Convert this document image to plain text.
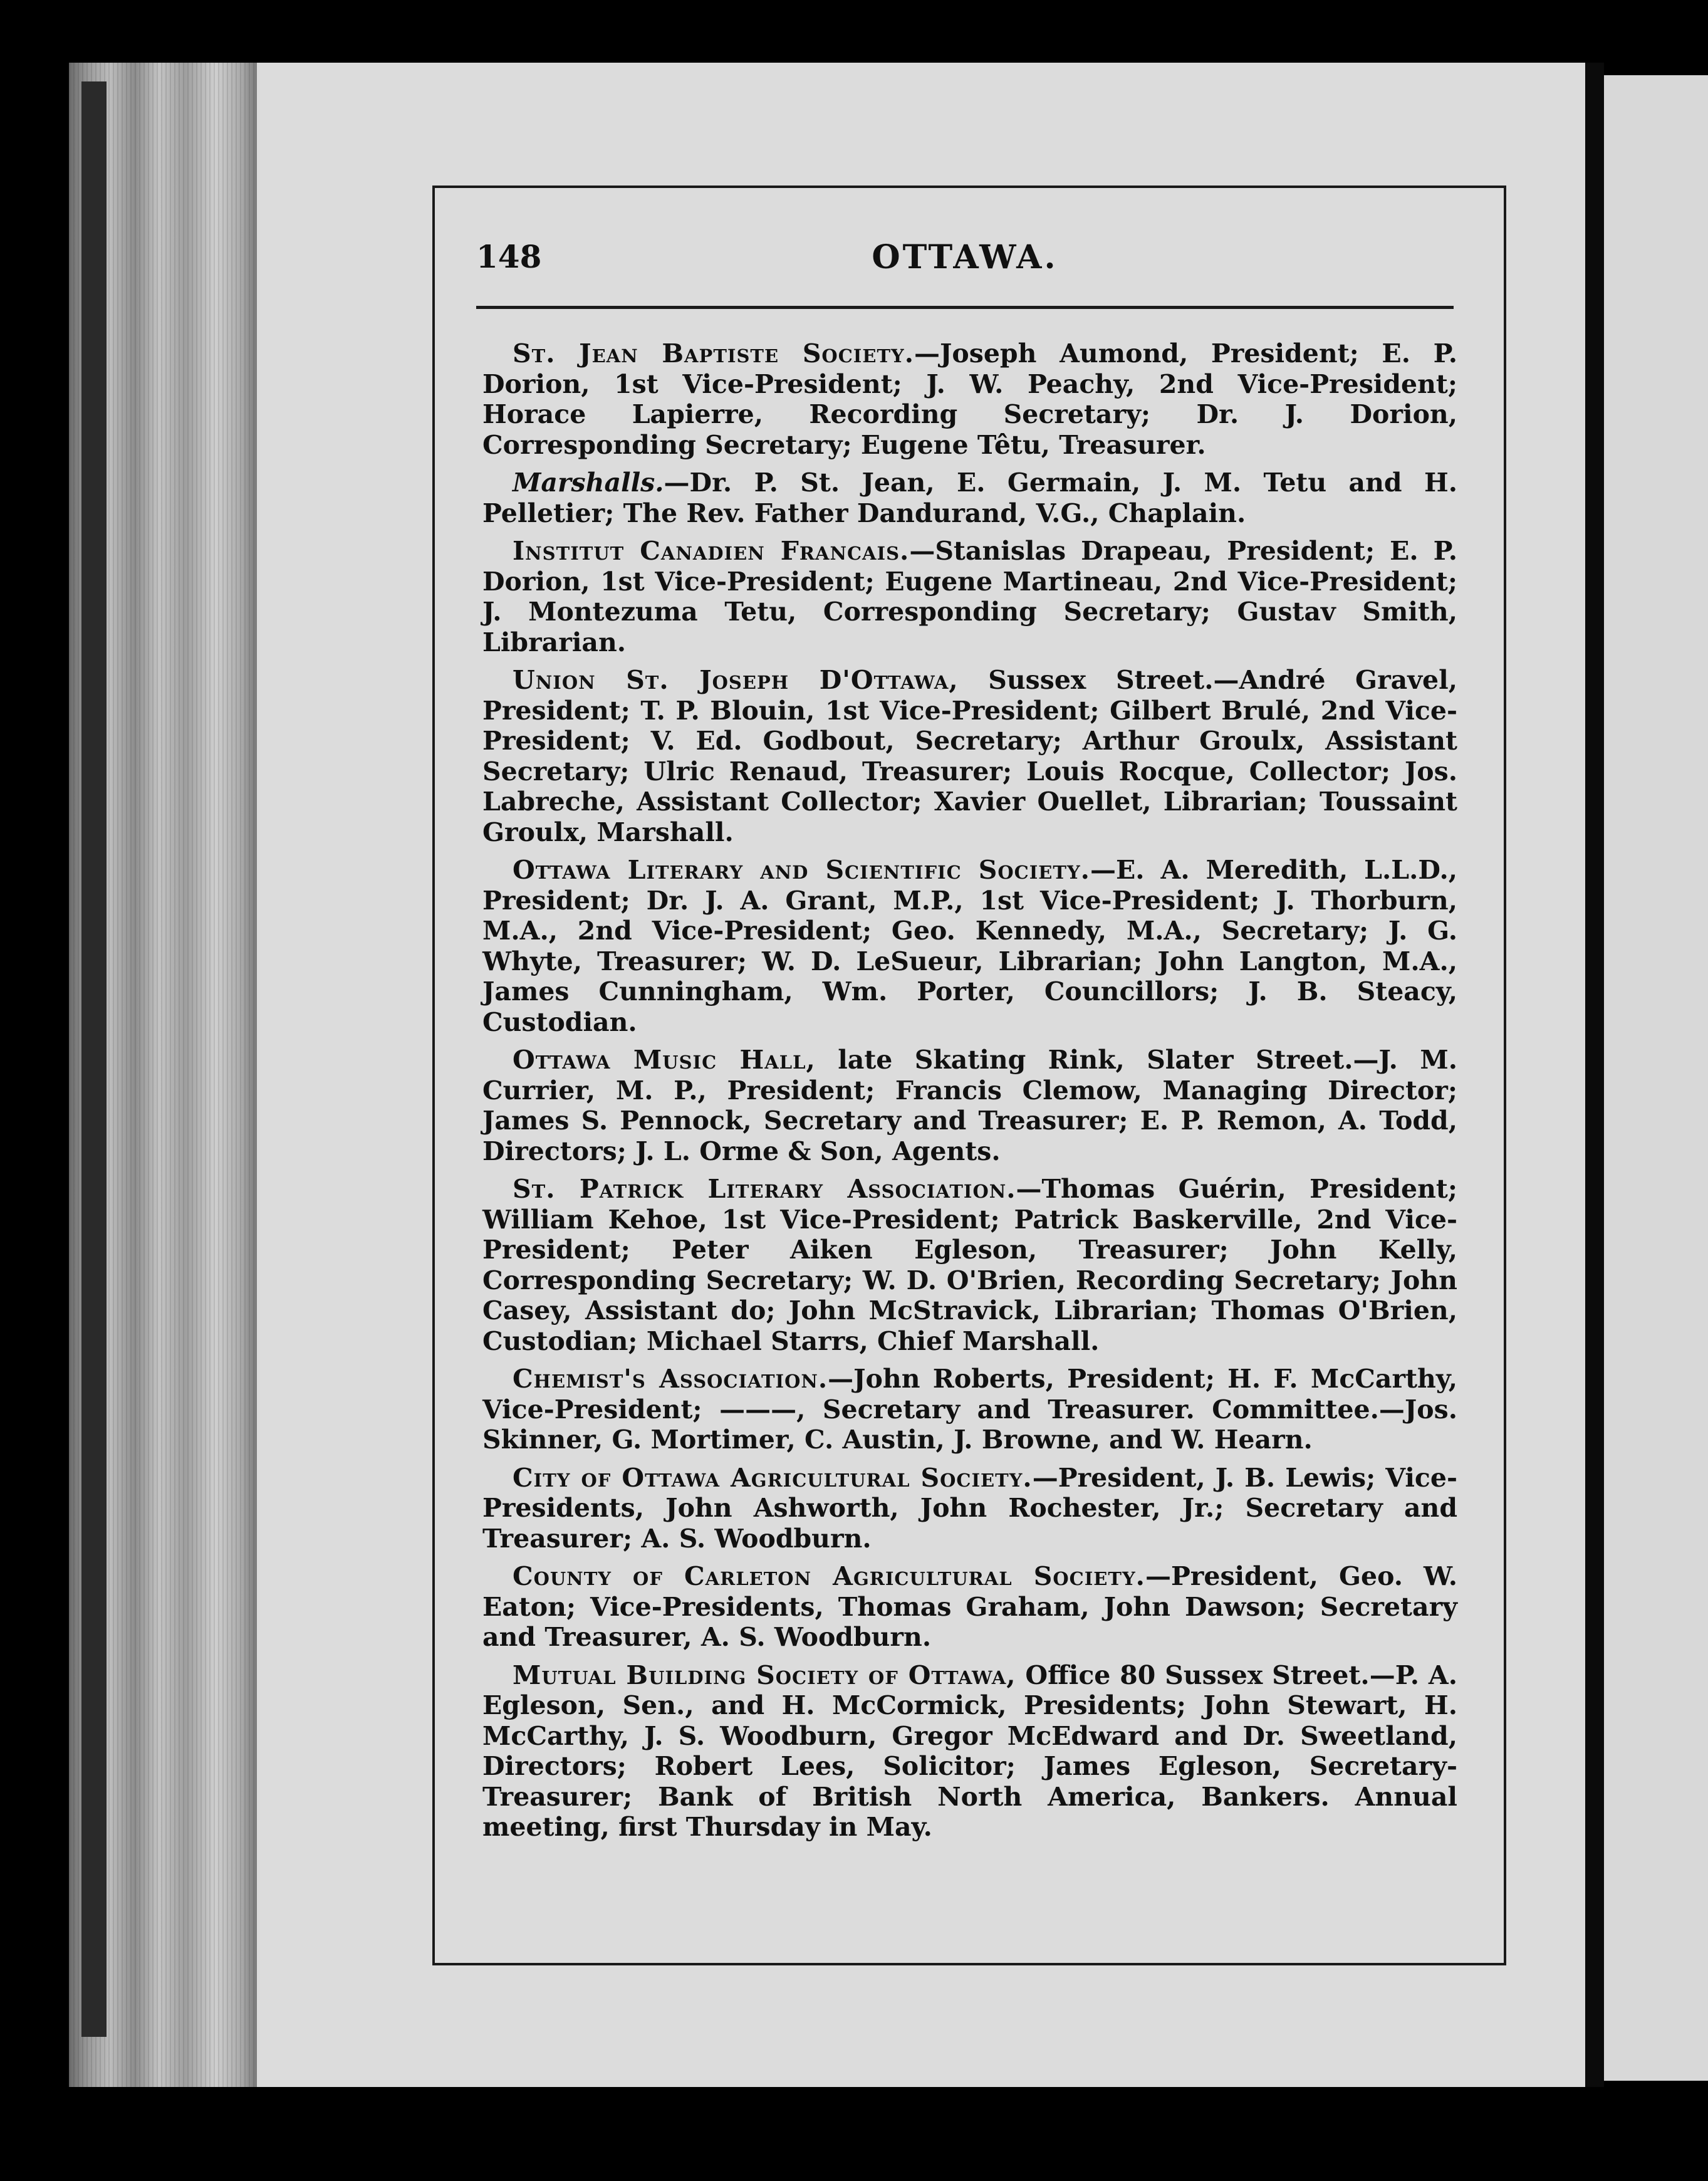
148	OTTAWA.

St. Jean Baptiste Society.—Joseph Aumond, President; E. P. Dorion, 1st Vice-President; J. W. Peachy, 2nd Vice-President; Horace Lapierre, Recording Secretary; Dr. J. Dorion, Corresponding Secretary; Eugene Têtu, Treasurer.

Marshalls.—Dr. P. St. Jean, E. Germain, J. M. Tetu and H. Pelletier; The Rev. Father Dandurand, V.G., Chaplain.

Institut Canadien Francais.—Stanislas Drapeau, President; E. P. Dorion, 1st Vice-President; Eugene Martineau, 2nd Vice-President; J. Montezuma Tetu, Corresponding Secretary; Gustav Smith, Librarian.

Union St. Joseph D'Ottawa, Sussex Street.—André Gravel, President; T. P. Blouin, 1st Vice-President; Gilbert Brulé, 2nd Vice-President; V. Ed. Godbout, Secretary; Arthur Groulx, Assistant Secretary; Ulric Renaud, Treasurer; Louis Rocque, Collector; Jos. Labreche, Assistant Collector; Xavier Ouellet, Librarian; Toussaint Groulx, Marshall.

Ottawa Literary and Scientific Society.—E. A. Meredith, L.L.D., President; Dr. J. A. Grant, M.P., 1st Vice-President; J. Thorburn, M.A., 2nd Vice-President; Geo. Kennedy, M.A., Secretary; J. G. Whyte, Treasurer; W. D. LeSueur, Librarian; John Langton, M.A., James Cunningham, Wm. Porter, Councillors; J. B. Steacy, Custodian.

Ottawa Music Hall, late Skating Rink, Slater Street.—J. M. Currier, M. P., President; Francis Clemow, Managing Director; James S. Pennock, Secretary and Treasurer; E. P. Remon, A. Todd, Directors; J. L. Orme & Son, Agents.

St. Patrick Literary Association.—Thomas Guérin, President; William Kehoe, 1st Vice-President; Patrick Baskerville, 2nd Vice-President; Peter Aiken Egleson, Treasurer; John Kelly, Corresponding Secretary; W. D. O'Brien, Recording Secretary; John Casey, Assistant do; John McStravick, Librarian; Thomas O'Brien, Custodian; Michael Starrs, Chief Marshall.

Chemist's Association.—John Roberts, President; H. F. McCarthy, Vice-President; ———, Secretary and Treasurer. Committee.—Jos. Skinner, G. Mortimer, C. Austin, J. Browne, and W. Hearn.

City of Ottawa Agricultural Society.—President, J. B. Lewis; Vice-Presidents, John Ashworth, John Rochester, Jr.; Secretary and Treasurer; A. S. Woodburn.

County of Carleton Agricultural Society.—President, Geo. W. Eaton; Vice-Presidents, Thomas Graham, John Dawson; Secretary and Treasurer, A. S. Woodburn.

Mutual Building Society of Ottawa, Office 80 Sussex Street.—P. A. Egleson, Sen., and H. McCormick, Presidents; John Stewart, H. McCarthy, J. S. Woodburn, Gregor McEdward and Dr. Sweetland, Directors; Robert Lees, Solicitor; James Egleson, Secretary-Treasurer; Bank of British North America, Bankers. Annual meeting, first Thursday in May.
